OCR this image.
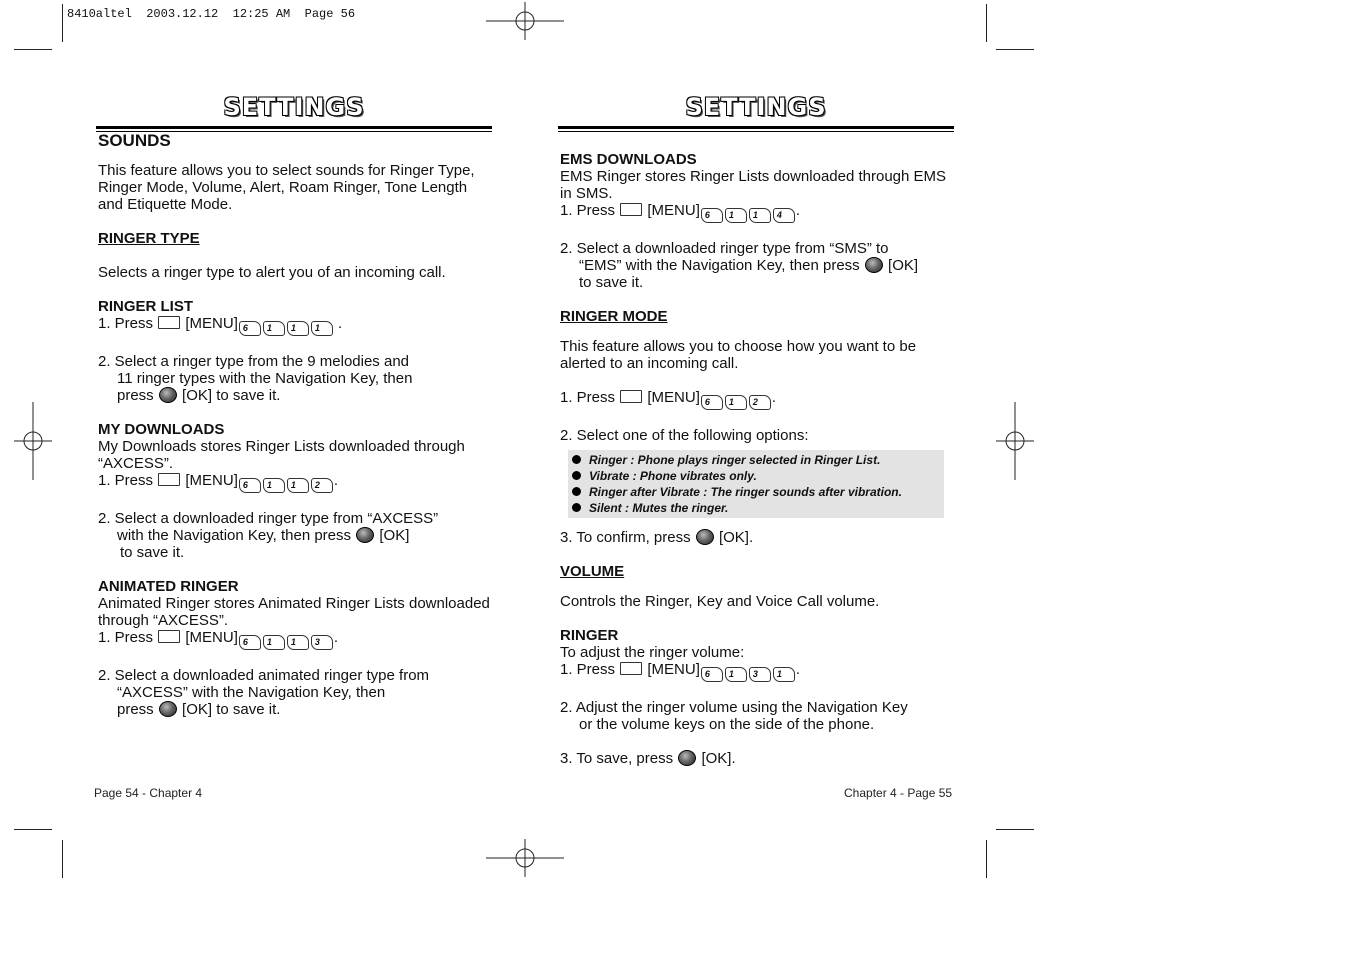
8410altel  2003.12.12  12:25 AM  Page 56
SETTINGS

SOUNDS

This feature allows you to select sounds for Ringer Type, Ringer Mode, Volume, Alert, Roam Ringer, Tone Length and Etiquette Mode.

RINGER TYPE

Selects a ringer type to alert you of an incoming call.

RINGER LIST

1. Press [MENU] 6 1 1 1 .

2. Select a ringer type from the 9 melodies and

11 ringer types with the Navigation Key, then

press [OK] to save it.

MY DOWNLOADS

My Downloads stores Ringer Lists downloaded through “AXCESS”.

1. Press [MENU] 6 1 1 2 .

2. Select a downloaded ringer type from “AXCESS”

with the Navigation Key, then press [OK]

to save it.

ANIMATED RINGER

Animated Ringer stores Animated Ringer Lists downloaded through “AXCESS”.

1. Press [MENU] 6 1 1 3 .

2. Select a downloaded animated ringer type from

“AXCESS” with the Navigation Key, then

press [OK] to save it.

SETTINGS

EMS DOWNLOADS

EMS Ringer stores Ringer Lists downloaded through EMS in SMS.

1. Press [MENU] 6 1 1 4 .

2. Select a downloaded ringer type from “SMS” to

“EMS” with the Navigation Key, then press [OK]

to save it.

RINGER MODE

This feature allows you to choose how you want to be alerted to an incoming call.

1. Press [MENU] 6 1 2 .

2. Select one of the following options:

Ringer : Phone plays ringer selected in Ringer List.
Vibrate : Phone vibrates only.
Ringer after Vibrate : The ringer sounds after vibration.
Silent : Mutes the ringer.

3. To confirm, press [OK].

VOLUME

Controls the Ringer, Key and Voice Call volume.

RINGER

To adjust the ringer volume:

1. Press [MENU] 6 1 3 1 .

2. Adjust the ringer volume using the Navigation Key

or the volume keys on the side of the phone.

3. To save, press [OK].

Page 54 - Chapter 4	Chapter 4 - Page 55
